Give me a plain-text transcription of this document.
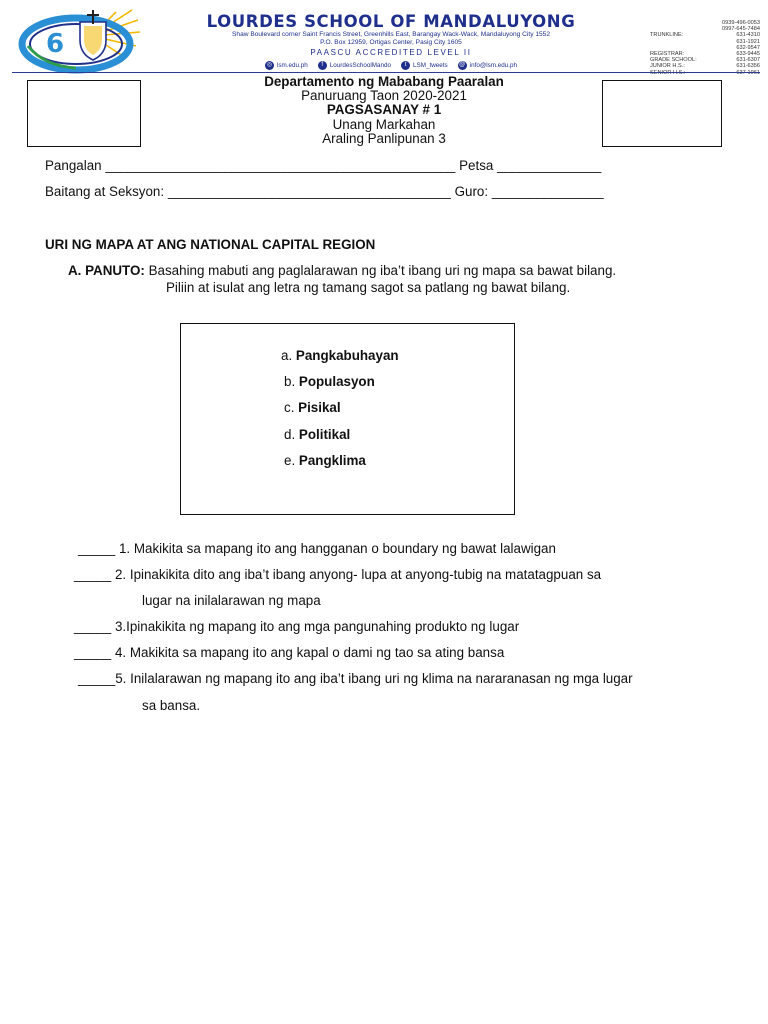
6
LOURDES SCHOOL OF MANDALUYONG
Shaw Boulevard corner Saint Francis Street, Greenhills East, Barangay Wack-Wack, Mandaluyong City 1552
P.O. Box 12959, Ortigas Center, Pasig City 1605
PAASCU ACCREDITED LEVEL II
◎ lsm.edu.ph	f	LourdesSchoolMando	t	LSM_tweets @ info@lsm.edu.ph
0939-496-0053
0997-645-7484
TRUNKLINE:	631-4310
631-1921
632-9547
REGISTRAR:	633-9445
GRADE SCHOOL:	631-6307
JUNIOR H.S.:	631-6356
SENIOR H.S.:	637-1961
Departamento ng Mababang Paaralan
Panuruang Taon 2020-2021
PAGSASANAY # 1
Unang Markahan
Araling Panlipunan 3
Pangalan _______________________________________________ Petsa ______________
Baitang at Seksyon: ______________________________________ Guro: _______________
URI NG MAPA AT ANG NATIONAL CAPITAL REGION
A. PANUTO: Basahing mabuti ang paglalarawan ng iba’t ibang uri ng mapa sa bawat bilang.
Piliin at isulat ang letra ng tamang sagot sa patlang ng bawat bilang.
a. Pangkabuhayan
b. Populasyon
c. Pisikal
d. Politikal
e. Pangklima
_____ 1. Makikita sa mapang ito ang hangganan o boundary ng bawat lalawigan
_____ 2. Ipinakikita dito ang iba’t ibang anyong- lupa at anyong-tubig na matatagpuan sa
lugar na inilalarawan ng mapa
_____ 3.Ipinakikita ng mapang ito ang mga pangunahing produkto ng lugar
_____ 4. Makikita sa mapang ito ang kapal o dami ng tao sa ating bansa
_____5. Inilalarawan ng mapang ito ang iba’t ibang uri ng klima na nararanasan ng mga lugar
sa bansa.
